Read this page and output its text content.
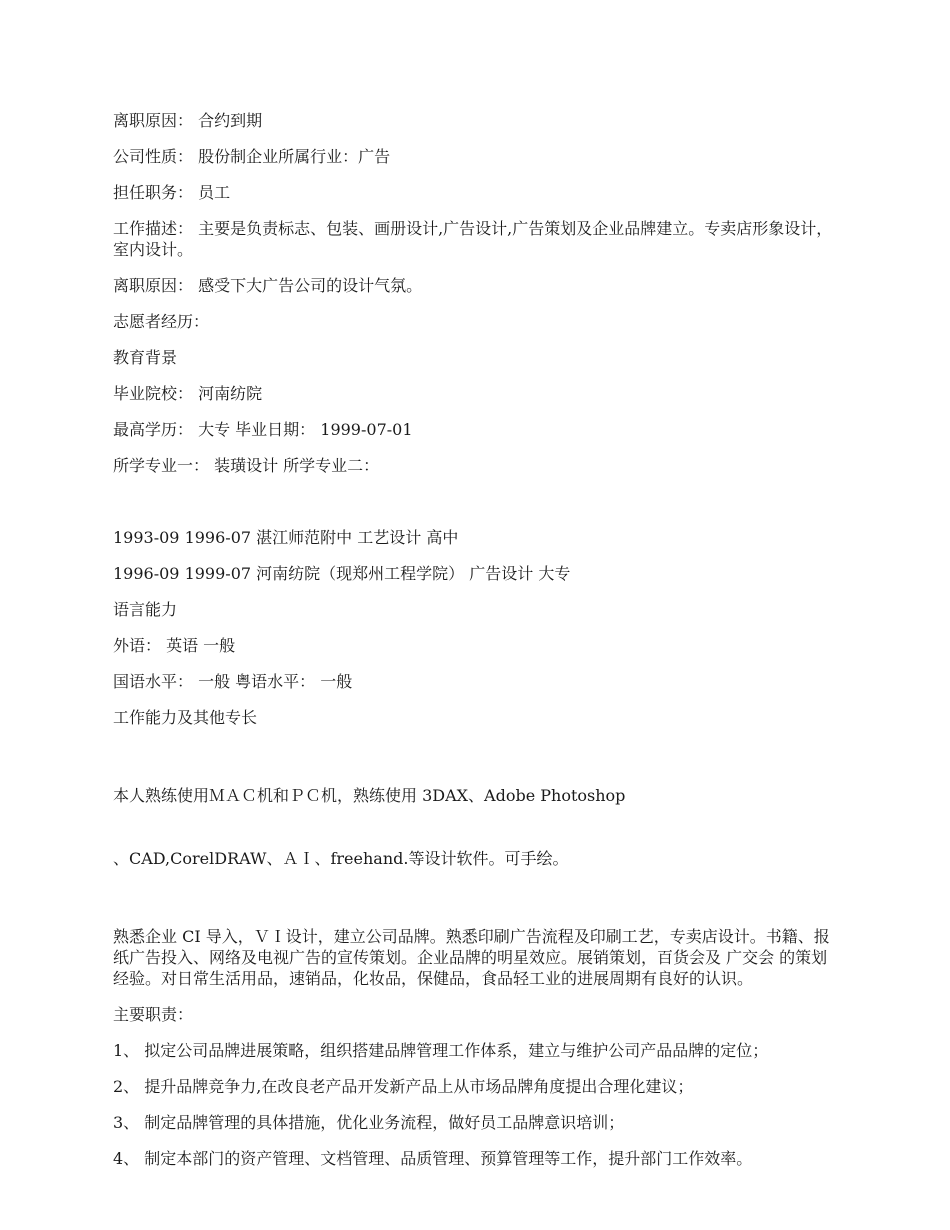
离职原因： 合约到期

公司性质： 股份制企业所属行业：广告

担任职务： 员工

工作描述： 主要是负责标志、包装、画册设计,广告设计,广告策划及企业品牌建立。专卖店形象设计，室内设计。

离职原因： 感受下大广告公司的设计气氛。

志愿者经历：

教育背景

毕业院校： 河南纺院

最高学历： 大专 毕业日期： 1999-07-01

所学专业一： 装璜设计 所学专业二：

1993-09 1996-07 湛江师范附中 工艺设计 高中

1996-09 1999-07 河南纺院（现郑州工程学院） 广告设计 大专

语言能力

外语： 英语 一般

国语水平： 一般 粤语水平： 一般

工作能力及其他专长

本人熟练使用ＭＡＣ机和ＰＣ机，熟练使用 3DAX、Adobe Photoshop

、CAD,CorelDRAW、ＡＩ、freehand.等设计软件。可手绘。

熟悉企业 CI 导入，ＶＩ设计，建立公司品牌。熟悉印刷广告流程及印刷工艺，专卖店设计。书籍、报纸广告投入、网络及电视广告的宣传策划。企业品牌的明星效应。展销策划，百货会及 广交会 的策划经验。对日常生活用品，速销品，化妆品，保健品，食品轻工业的进展周期有良好的认识。

主要职责：

1、 拟定公司品牌进展策略，组织搭建品牌管理工作体系，建立与维护公司产品品牌的定位；

2、 提升品牌竞争力,在改良老产品开发新产品上从市场品牌角度提出合理化建议；

3、 制定品牌管理的具体措施，优化业务流程，做好员工品牌意识培训；

4、 制定本部门的资产管理、文档管理、品质管理、预算管理等工作，提升部门工作效率。
